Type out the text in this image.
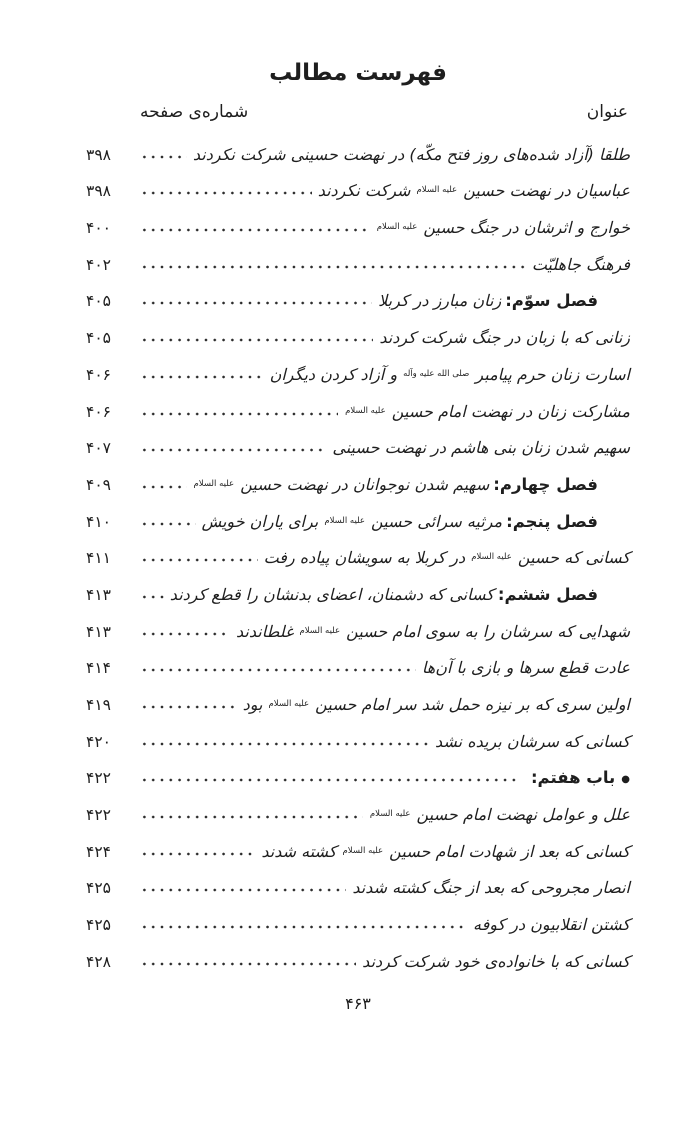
فهرست مطالب
عنوان
شماره‌ی صفحه
طلقا (آزاد شده‌های روز فتح مکّه) در نهضت حسینی شرکت نکردند
۳۹۸
عباسیان در نهضت حسین $^{علیه السلام}$ شرکت نکردند
۳۹۸
خوارج و اثرشان در جنگ حسین $^{علیه السلام}$
۴۰۰
فرهنگ جاهلیّت
۴۰۲
فصل سوّم:زنان مبارز در کربلا
۴۰۵
زنانی که با زبان در جنگ شرکت کردند
۴۰۵
اسارت زنان حرم پیامبر $^{صلی الله علیه وآله}$ و آزاد کردن دیگران
۴۰۶
مشارکت زنان در نهضت امام حسین $^{علیه السلام}$
۴۰۶
سهیم شدن زنان بنی هاشم در نهضت حسینی
۴۰۷
فصل چهارم:سهیم شدن نوجوانان در نهضت حسین $^{علیه السلام}$
۴۰۹
فصل پنجم:مرثیه سرائی حسین $^{علیه السلام}$ برای یاران خویش
۴۱۰
کسانی که حسین $^{علیه السلام}$ در کربلا به سویشان پیاده رفت
۴۱۱
فصل ششم:کسانی که دشمنان، اعضای بدنشان را قطع کردند
۴۱۳
شهدایی که سرشان را به سوی امام حسین $^{علیه السلام}$ غلطاندند
۴۱۳
عادت قطع سرها و بازی با آن‌ها
۴۱۴
اولین سری که بر نیزه حمل شد سر امام حسین $^{علیه السلام}$ بود
۴۱۹
کسانی که سرشان بریده نشد
۴۲۰
●باب هفتم:
۴۲۲
علل و عوامل نهضت امام حسین $^{علیه السلام}$
۴۲۲
کسانی که بعد از شهادت امام حسین $^{علیه السلام}$ کشته شدند
۴۲۴
انصار مجروحی که بعد از جنگ کشته شدند
۴۲۵
کشتن انقلابیون در کوفه
۴۲۵
کسانی که با خانواده‌ی خود شرکت کردند
۴۲۸
۴۶۳
